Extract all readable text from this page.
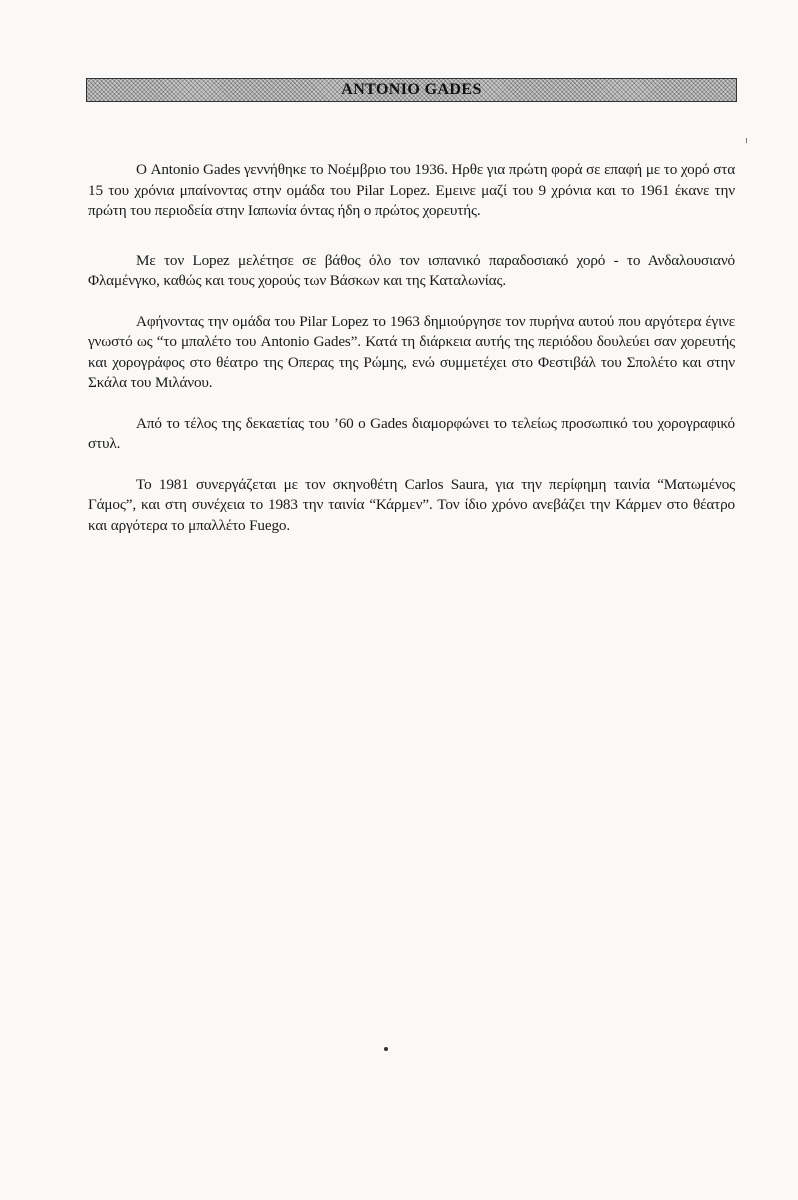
ANTONIO GADES

Ο Antonio Gades γεννήθηκε το Νοέμβριο του 1936. Ηρθε για πρώτη φορά σε επαφή με το χορό στα 15 του χρόνια μπαίνοντας στην ομάδα του Pilar Lopez. Εμεινε μαζί του 9 χρόνια και το 1961 έκανε την πρώτη του περιοδεία στην Ιαπωνία όντας ήδη ο πρώτος χορευτής.

Με τον Lopez μελέτησε σε βάθος όλο τον ισπανικό παραδοσιακό χορό - το Ανδαλουσιανό Φλαμένγκο, καθώς και τους χορούς των Βάσκων και της Καταλωνίας.

Αφήνοντας την ομάδα του Pilar Lopez το 1963 δημιούργησε τον πυρήνα αυτού που αργότερα έγινε γνωστό ως “το μπαλέτο του Antonio Gades”. Κατά τη διάρκεια αυτής της περιόδου δουλεύει σαν χορευτής και χορογράφος στο θέατρο της Οπερας της Ρώμης, ενώ συμμετέχει στο Φεστιβάλ του Σπολέτο και στην Σκάλα του Μιλάνου.

Από το τέλος της δεκαετίας του ’60 ο Gades διαμορφώνει το τελείως προσωπικό του χορογραφικό στυλ.

Το 1981 συνεργάζεται με τον σκηνοθέτη Carlos Saura, για την περίφημη ταινία “Ματωμένος Γάμος”, και στη συνέχεια το 1983 την ταινία “Κάρμεν”. Τον ίδιο χρόνο ανεβάζει την Κάρμεν στο θέατρο και αργότερα το μπαλλέτο Fuego.
